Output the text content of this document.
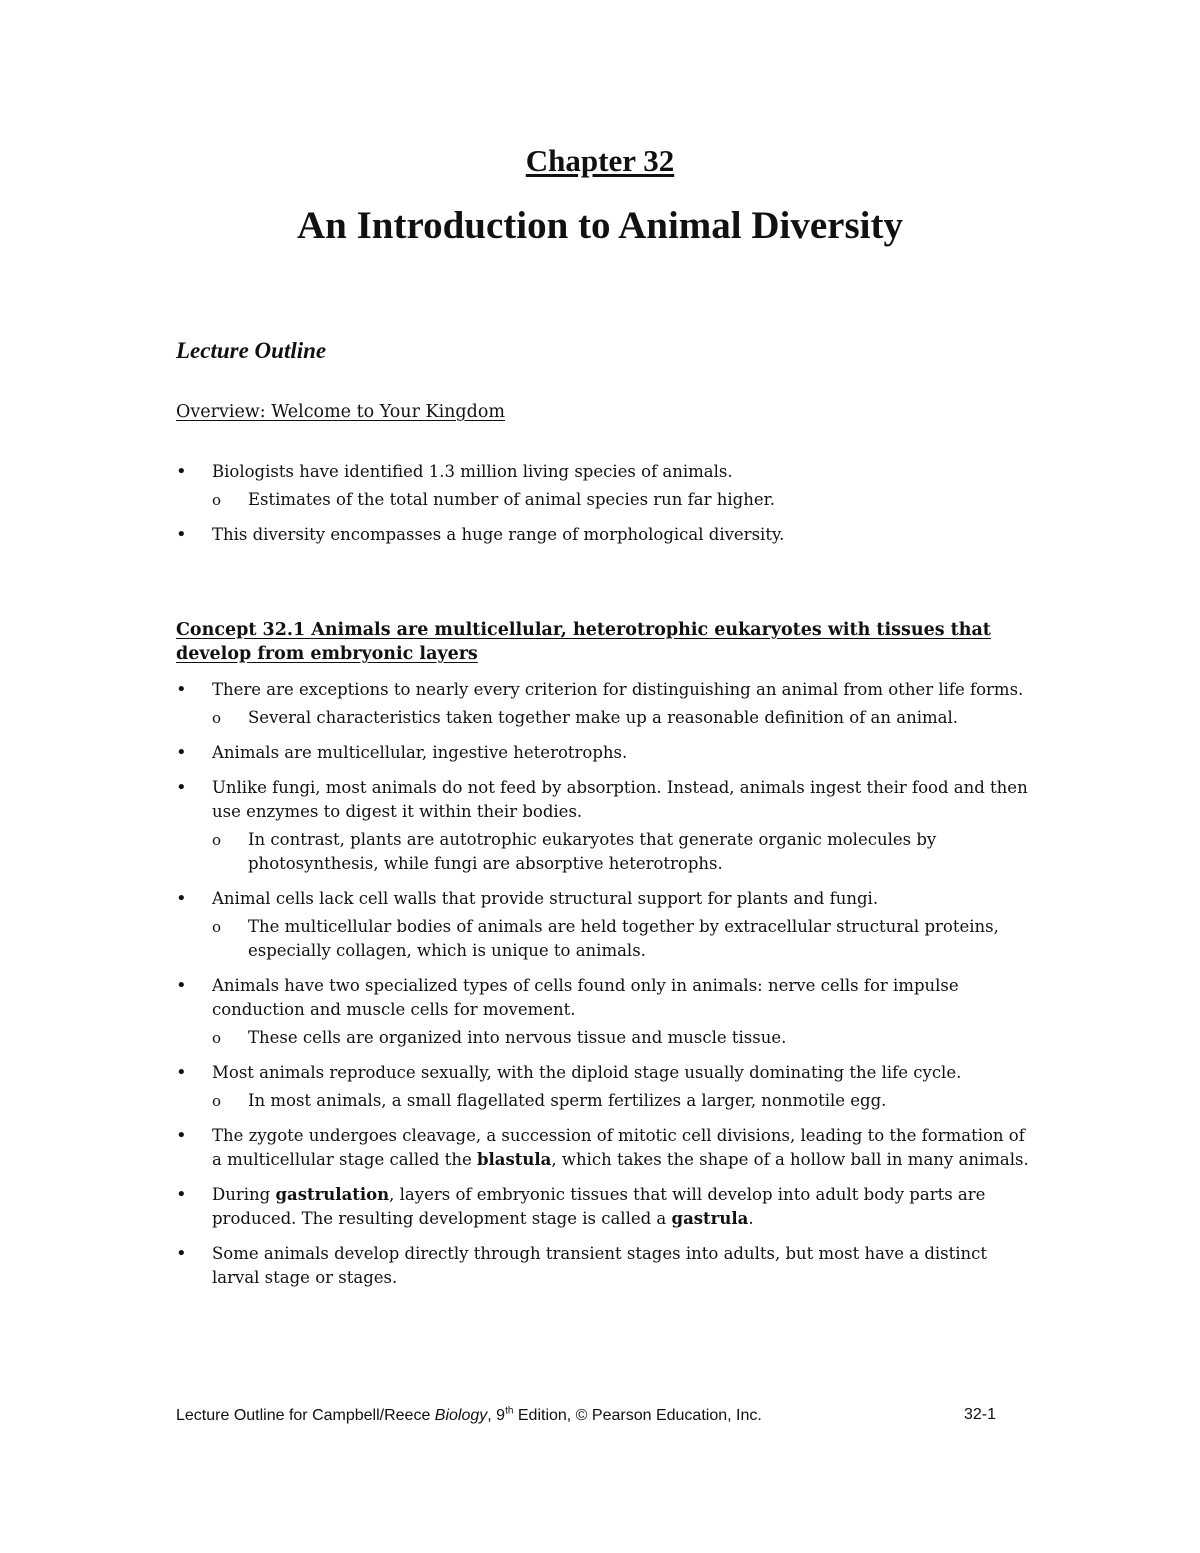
Chapter 32
An Introduction to Animal Diversity
Lecture Outline
Overview: Welcome to Your Kingdom
• Biologists have identified 1.3 million living species of animals.
o Estimates of the total number of animal species run far higher.
• This diversity encompasses a huge range of morphological diversity.
Concept 32.1 Animals are multicellular, heterotrophic eukaryotes with tissues that develop from embryonic layers
• There are exceptions to nearly every criterion for distinguishing an animal from other life forms.
o Several characteristics taken together make up a reasonable definition of an animal.
• Animals are multicellular, ingestive heterotrophs.
• Unlike fungi, most animals do not feed by absorption. Instead, animals ingest their food and then use enzymes to digest it within their bodies.
o In contrast, plants are autotrophic eukaryotes that generate organic molecules by photosynthesis, while fungi are absorptive heterotrophs.
• Animal cells lack cell walls that provide structural support for plants and fungi.
o The multicellular bodies of animals are held together by extracellular structural proteins, especially collagen, which is unique to animals.
• Animals have two specialized types of cells found only in animals: nerve cells for impulse conduction and muscle cells for movement.
o These cells are organized into nervous tissue and muscle tissue.
• Most animals reproduce sexually, with the diploid stage usually dominating the life cycle.
o In most animals, a small flagellated sperm fertilizes a larger, nonmotile egg.
• The zygote undergoes cleavage, a succession of mitotic cell divisions, leading to the formation of a multicellular stage called the blastula, which takes the shape of a hollow ball in many animals.
• During gastrulation, layers of embryonic tissues that will develop into adult body parts are produced. The resulting development stage is called a gastrula.
• Some animals develop directly through transient stages into adults, but most have a distinct larval stage or stages.
Lecture Outline for Campbell/Reece Biology, 9th Edition, © Pearson Education, Inc.	32-1
